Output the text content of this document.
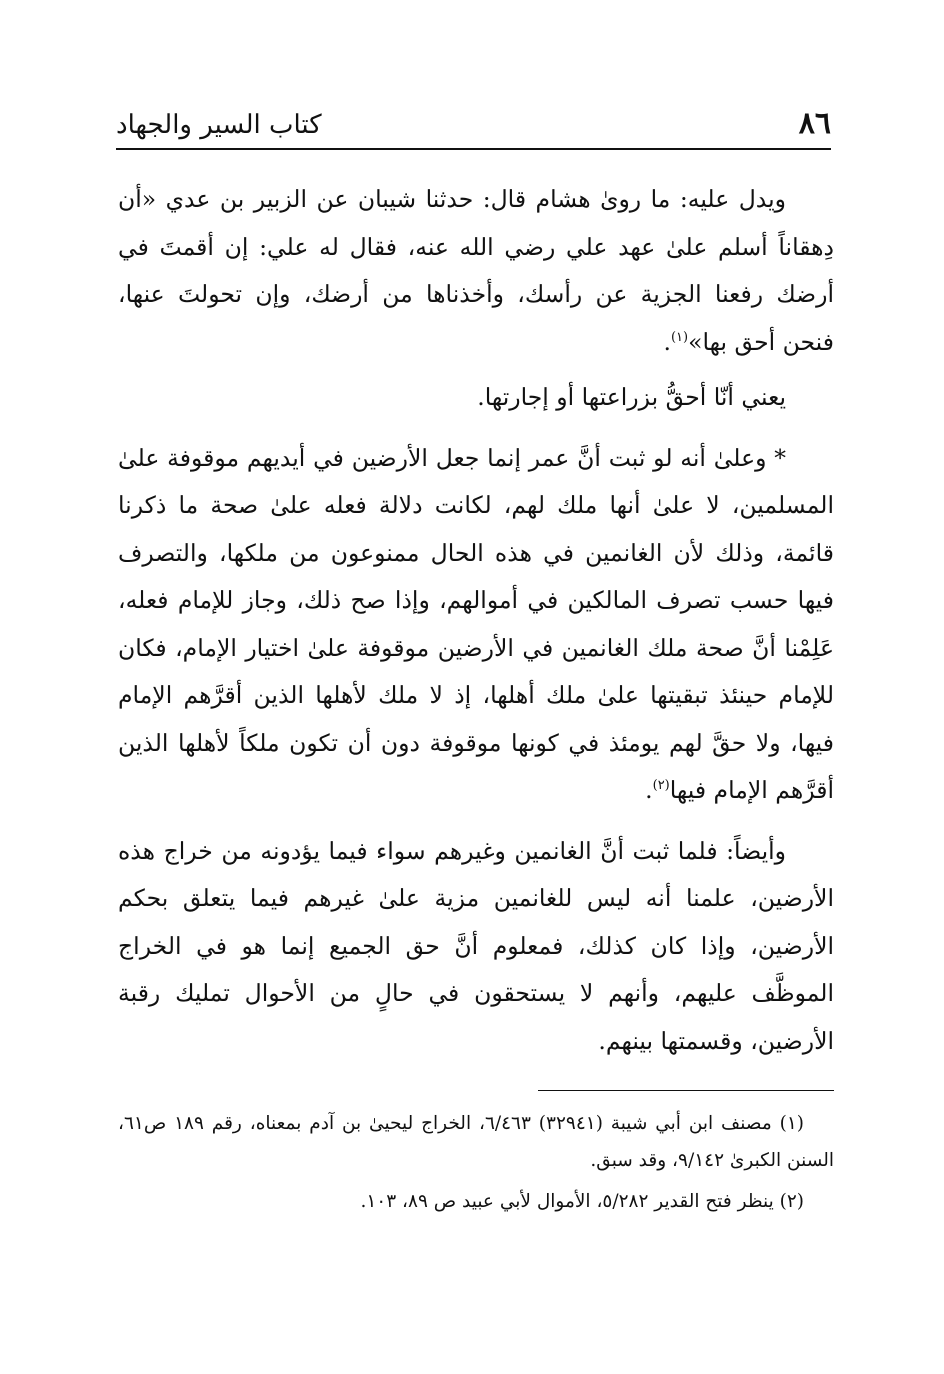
٨٦
كتاب السير والجهاد

ويدل عليه: ما روىٰ هشام قال: حدثنا شيبان عن الزبير بن عدي «أن دِهقاناً أسلم علىٰ عهد علي رضي الله عنه، فقال له علي: إن أقمتَ في أرضك رفعنا الجزية عن رأسك، وأخذناها من أرضك، وإن تحولتَ عنها، فنحن أحق بها»$^{(١)}$.

يعني أنّا أحقُّ بزراعتها أو إجارتها.

* وعلىٰ أنه لو ثبت أنَّ عمر إنما جعل الأرضين في أيديهم موقوفة علىٰ المسلمين، لا علىٰ أنها ملك لهم، لكانت دلالة فعله علىٰ صحة ما ذكرنا قائمة، وذلك لأن الغانمين في هذه الحال ممنوعون من ملكها، والتصرف فيها حسب تصرف المالكين في أموالهم، وإذا صح ذلك، وجاز للإمام فعله، عَلِمْنا أنَّ صحة ملك الغانمين في الأرضين موقوفة علىٰ اختيار الإمام، فكان للإمام حينئذ تبقيتها علىٰ ملك أهلها، إذ لا ملك لأهلها الذين أقرَّهم الإمام فيها، ولا حقَّ لهم يومئذ في كونها موقوفة دون أن تكون ملكاً لأهلها الذين أقرَّهم الإمام فيها$^{(٢)}$.

وأيضاً: فلما ثبت أنَّ الغانمين وغيرهم سواء فيما يؤدونه من خراج هذه الأرضين، علمنا أنه ليس للغانمين مزية علىٰ غيرهم فيما يتعلق بحكم الأرضين، وإذا كان كذلك، فمعلوم أنَّ حق الجميع إنما هو في الخراج الموظَّف عليهم، وأنهم لا يستحقون في حالٍ من الأحوال تمليك رقبة الأرضين، وقسمتها بينهم.

(١) مصنف ابن أبي شيبة (٣٢٩٤١) ٦/٤٦٣، الخراج ليحيىٰ بن آدم بمعناه، رقم ١٨٩ ص٦١، السنن الكبرىٰ ٩/١٤٢، وقد سبق.

(٢) ينظر فتح القدير ٥/٢٨٢، الأموال لأبي عبيد ص ٨٩، ١٠٣.
